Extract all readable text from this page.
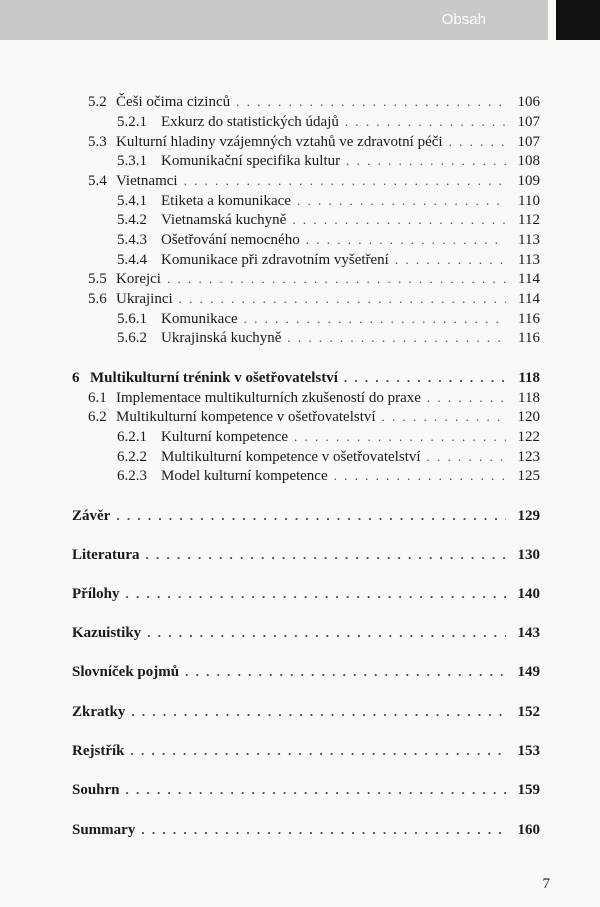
Obsah
5.2 Češi očima cizinců . . .	106
5.2.1 Exkurz do statistických údajů . . .	107
5.3 Kulturní hladiny vzájemných vztahů ve zdravotní péči . . .	107
5.3.1 Komunikační specifika kultur . . .	108
5.4 Vietnamci . . .	109
5.4.1 Etiketa a komunikace . . .	110
5.4.2 Vietnamská kuchyně . . .	112
5.4.3 Ošetřování nemocného . . .	113
5.4.4 Komunikace při zdravotním vyšetření . . .	113
5.5 Korejci . . .	114
5.6 Ukrajinci . . .	114
5.6.1 Komunikace . . .	116
5.6.2 Ukrajinská kuchyně . . .	116
6 Multikulturní trénink v ošetřovatelství . . .	118
6.1 Implementace multikulturních zkušeností do praxe . . .	118
6.2 Multikulturní kompetence v ošetřovatelství . . .	120
6.2.1 Kulturní kompetence . . .	122
6.2.2 Multikulturní kompetence v ošetřovatelství . . .	123
6.2.3 Model kulturní kompetence . . .	125
Závěr . . .	129
Literatura . . .	130
Přílohy . . .	140
Kazuistiky . . .	143
Slovníček pojmů . . .	149
Zkratky . . .	152
Rejstřík . . .	153
Souhrn . . .	159
Summary . . .	160
7
